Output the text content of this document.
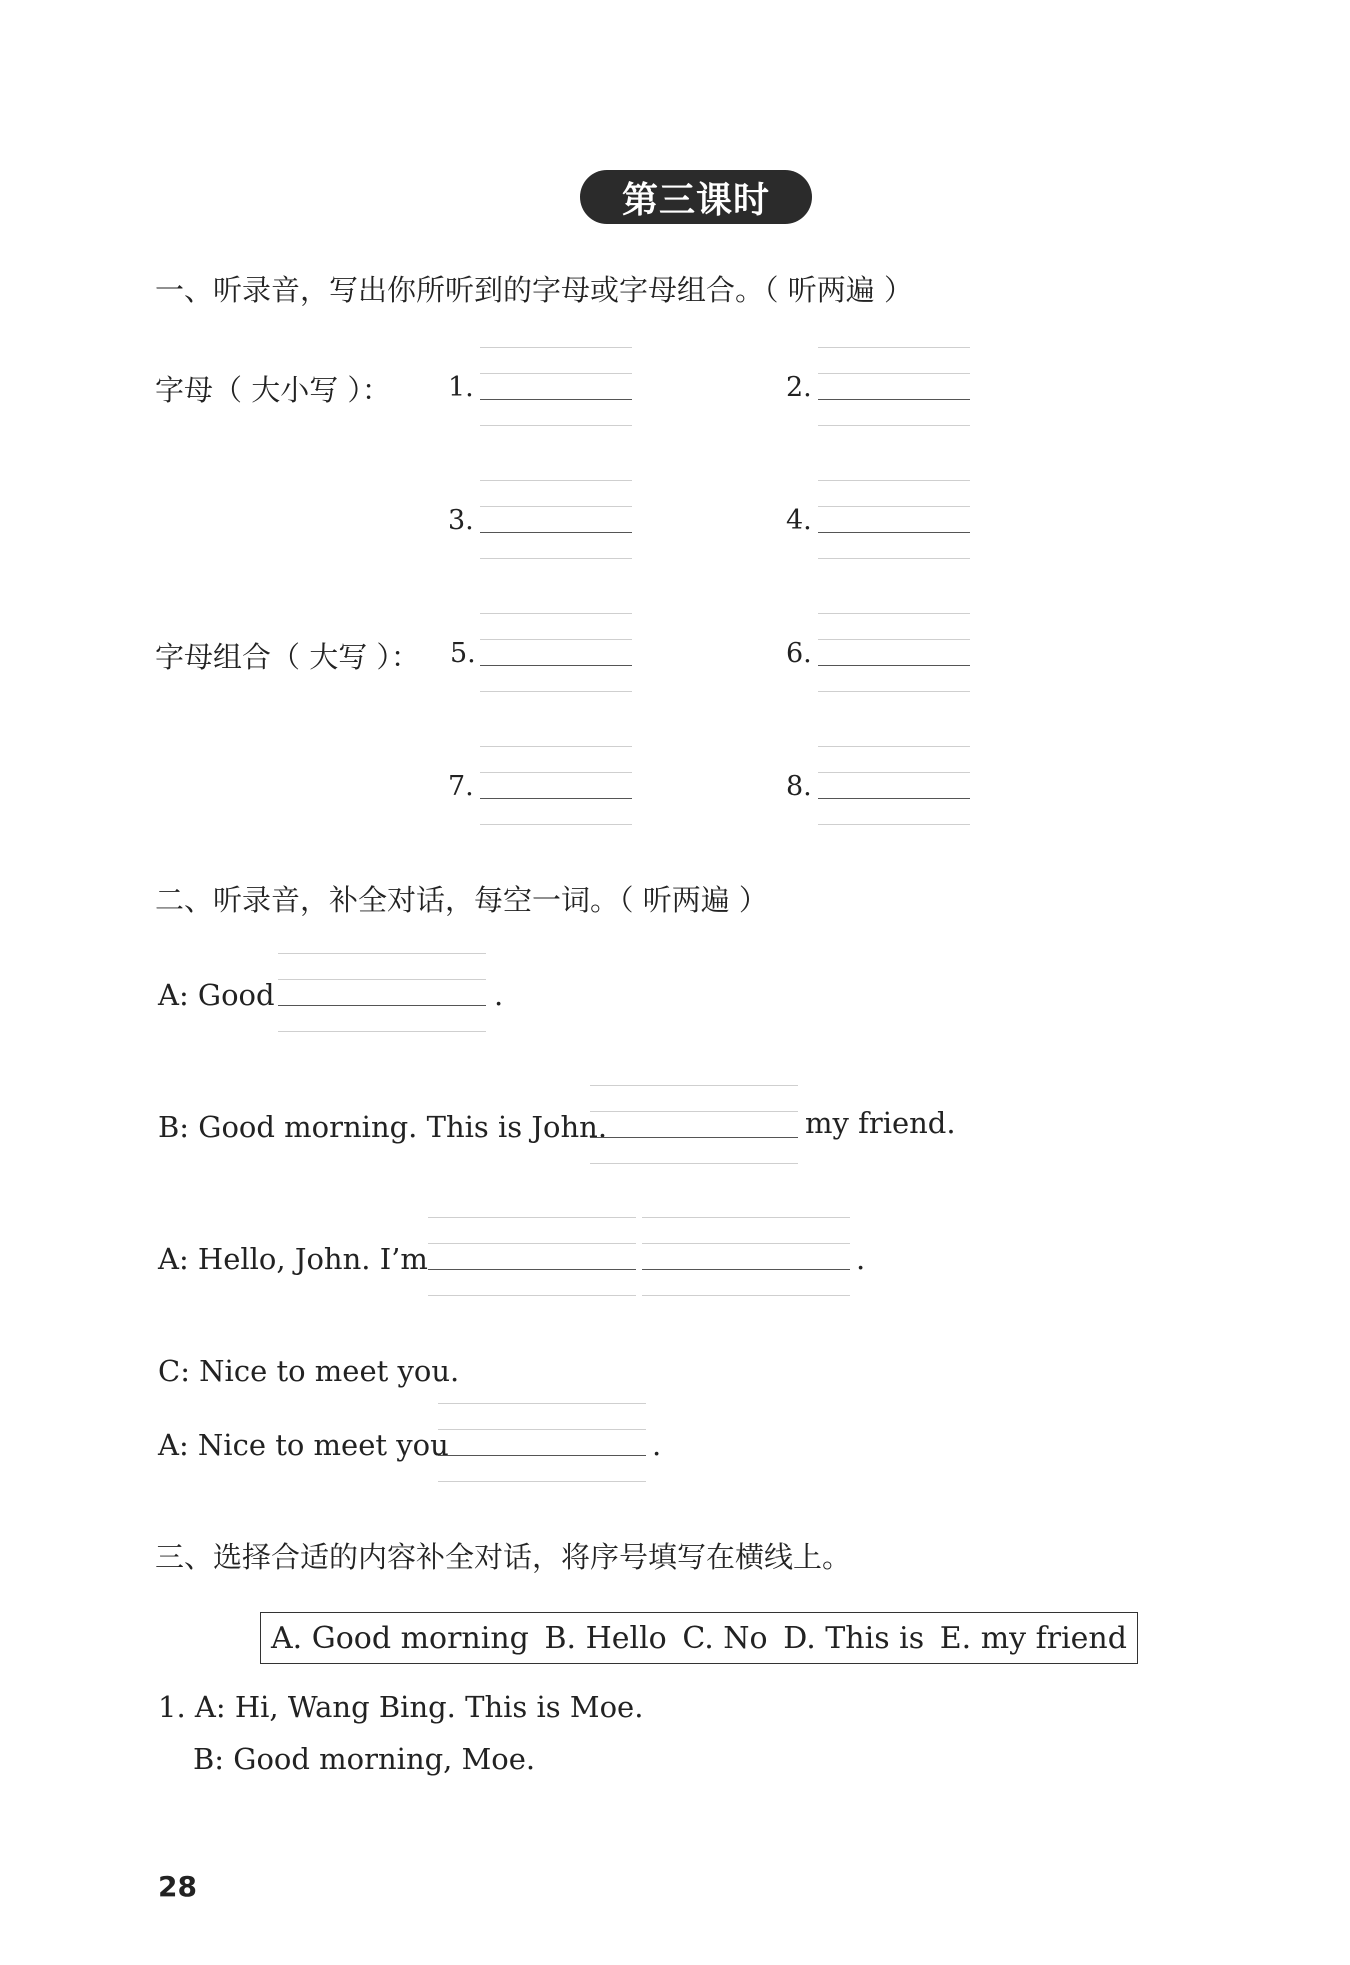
第三课时
一、听录音，写出你所听到的字母或字母组合。（ 听两遍 ）
字母（ 大小写 ）：
字母组合（ 大写 ）：
1.	2.
3.	4.
5.	6.
7.	8.
二、听录音，补全对话，每空一词。（ 听两遍 ）
A: Good	.
B: Good morning. This is John.	my friend.
A: Hello, John. I’m	.
C: Nice to meet you.
A: Nice to meet you	.
三、选择合适的内容补全对话，将序号填写在横线上。
A. Good morning B. Hello C. No D. This is E. my friend
1. A: Hi, Wang Bing. This is Moe.
B: Good morning, Moe.
28
